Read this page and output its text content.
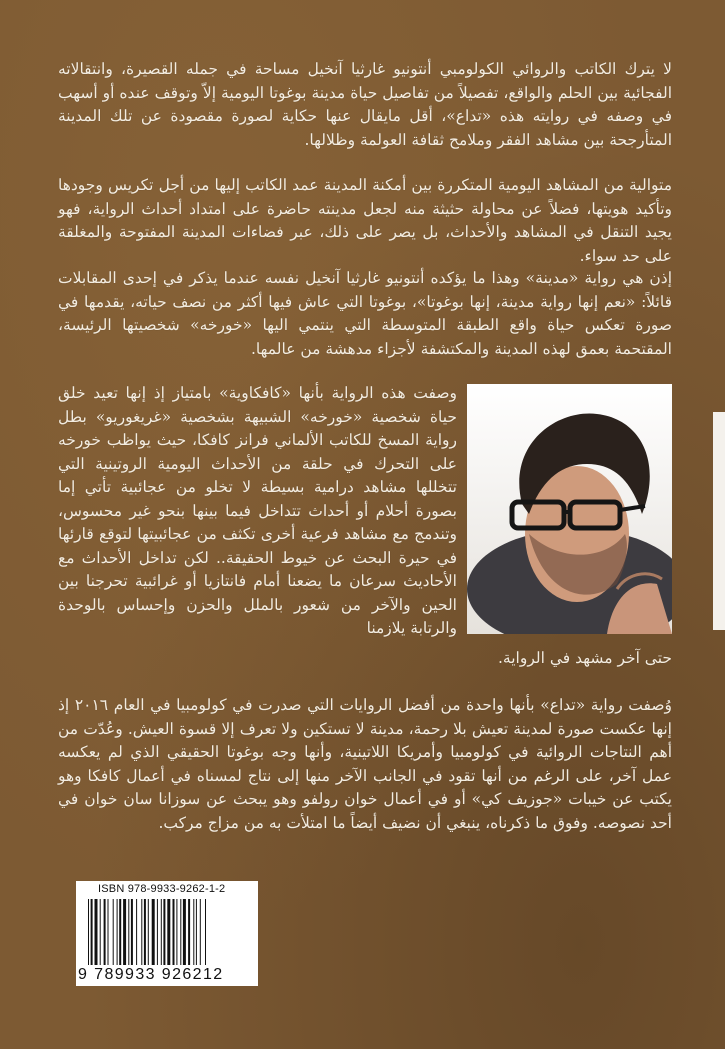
لا يترك الكاتب والروائي الكولومبي أنتونيو غارثيا آنخيل مساحة في جمله القصيرة، وانتقالاته الفجائية بين الحلم والواقع، تفصيلاً من تفاصيل حياة مدينة بوغوتا اليومية إلاّ وتوقف عنده أو أسهب في وصفه في روايته هذه «تداع»، أقل مايقال عنها حكاية لصورة مقصودة عن تلك المدينة المتأرجحة بين مشاهد الفقر وملامح ثقافة العولمة وظلالها.
متوالية من المشاهد اليومية المتكررة بين أمكنة المدينة عمد الكاتب إليها من أجل تكريس وجودها وتأكيد هويتها، فضلاً عن محاولة حثيثة منه لجعل مدينته حاضرة على امتداد أحداث الرواية، فهو يجيد التنقل في المشاهد والأحداث، بل يصر على ذلك، عبر فضاءات المدينة المفتوحة والمغلقة على حد سواء.
إذن هي رواية «مدينة» وهذا ما يؤكده أنتونيو غارثيا آنخيل نفسه عندما يذكر في إحدى المقابلات قائلاً: «نعم إنها رواية مدينة، إنها بوغوتا»، بوغوتا التي عاش فيها أكثر من نصف حياته، يقدمها في صورة تعكس حياة واقع الطبقة المتوسطة التي ينتمي اليها «خورخه» شخصيتها الرئيسة، المقتحمة بعمق لهذه المدينة والمكتشفة لأجزاء مدهشة من عالمها.
وصفت هذه الرواية بأنها «كافكاوية» بامتياز إذ إنها تعيد خلق حياة شخصية «خورخه» الشبيهة بشخصية «غريغوريو» بطل رواية المسخ للكاتب الألماني فرانز كافكا، حيث يواظب خورخه على التحرك في حلقة من الأحداث اليومية الروتينية التي تتخللها مشاهد درامية بسيطة لا تخلو من عجائبية تأتي إما بصورة أحلام أو أحداث تتداخل فيما بينها بنحو غير محسوس، وتندمج مع مشاهد فرعية أخرى تكثف من عجائبيتها لتوقع قارئها في حيرة البحث عن خيوط الحقيقة.. لكن تداخل الأحداث مع الأحاديث سرعان ما يضعنا أمام فانتازيا أو غرائبية تحرجنا بين الحين والآخر من شعور بالملل والحزن وإحساس بالوحدة والرتابة يلازمنا
حتى آخر مشهد في الرواية.
وُصفت رواية «تداع» بأنها واحدة من أفضل الروايات التي صدرت في كولومبيا في العام ٢٠١٦ إذ إنها عكست صورة لمدينة تعيش بلا رحمة، مدينة لا تستكين ولا تعرف إلا قسوة العيش. وعُدّت من أهم النتاجات الروائية في كولومبيا وأمريكا اللاتينية، وأنها وجه بوغوتا الحقيقي الذي لم يعكسه عمل آخر، على الرغم من أنها تقود في الجانب الآخر منها إلى نتاج لمسناه في أعمال كافكا وهو يكتب عن خيبات «جوزيف كي» أو في أعمال خوان رولفو وهو يبحث عن سوزانا سان خوان في أحد نصوصه. وفوق ما ذكرناه، ينبغي أن نضيف أيضاً ما امتلأت به من مزاج مركب.
ISBN 978-9933-9262-1-2
9 789933 926212
